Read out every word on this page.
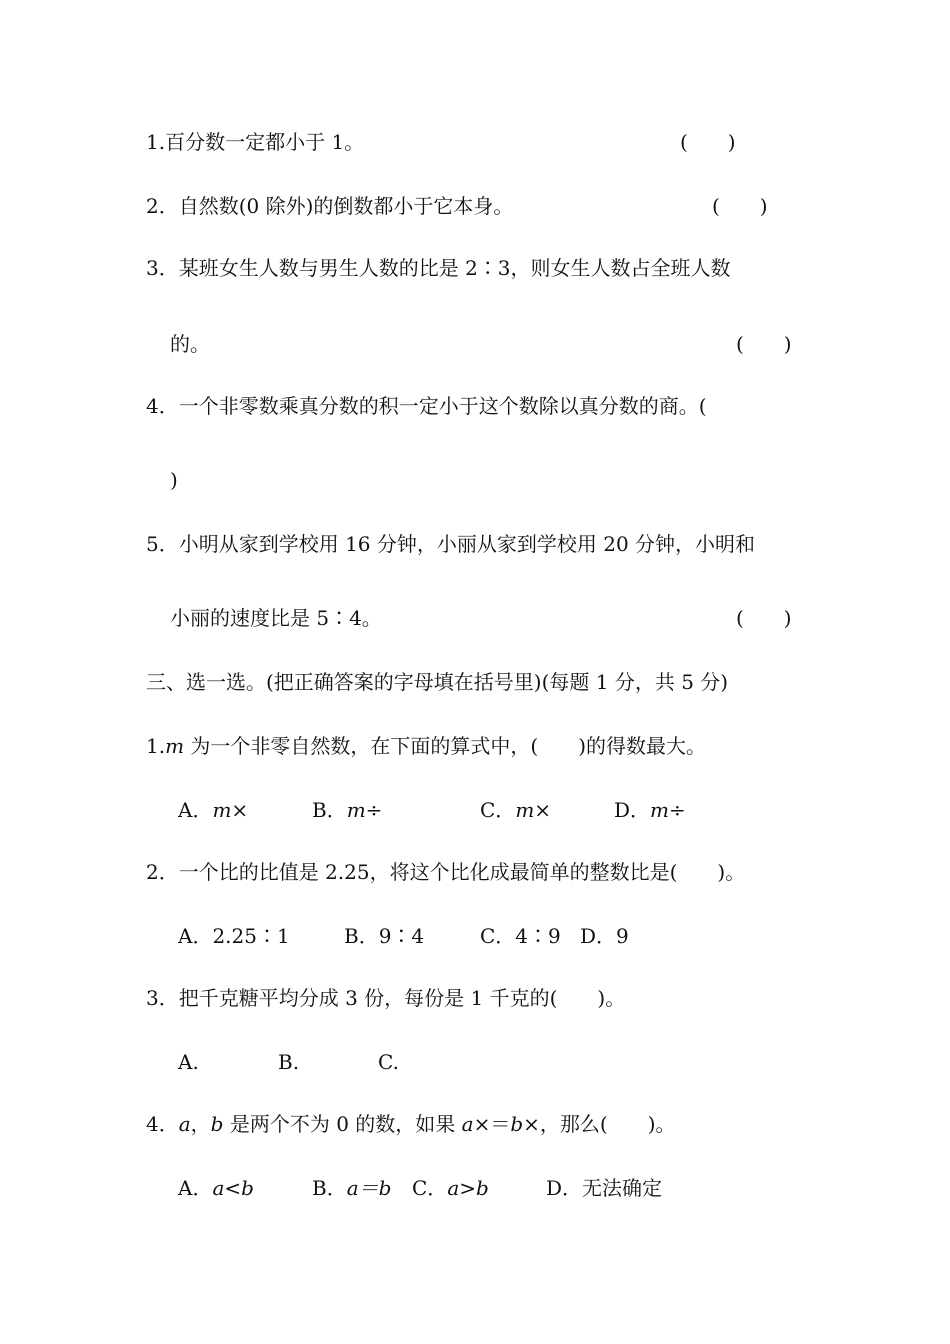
1.百分数一定都小于 1。	(　　)
2．自然数(0 除外)的倒数都小于它本身。	(　　)
3．某班女生人数与男生人数的比是 2∶3，则女生人数占全班人数
的。	(　　)
4．一个非零数乘真分数的积一定小于这个数除以真分数的商。(
)
5．小明从家到学校用 16 分钟，小丽从家到学校用 20 分钟，小明和
小丽的速度比是 5∶4。	(　　)
三、选一选。(把正确答案的字母填在括号里)(每题 1 分，共 5 分)
1.m 为一个非零自然数，在下面的算式中，(　　)的得数最大。
A．m×	B．m÷	C．m×	D．m÷
2．一个比的比值是 2.25，将这个比化成最简单的整数比是(　　)。
A．2.25∶1	B．9∶4	C．4∶9 D．9
3．把千克糖平均分成 3 份，每份是 1 千克的(　　)。
A.	B.	C.
4．a，b 是两个不为 0 的数，如果 a×＝b×，那么(　　)。
A．a<b	B．a＝b C．a>b	D．无法确定
